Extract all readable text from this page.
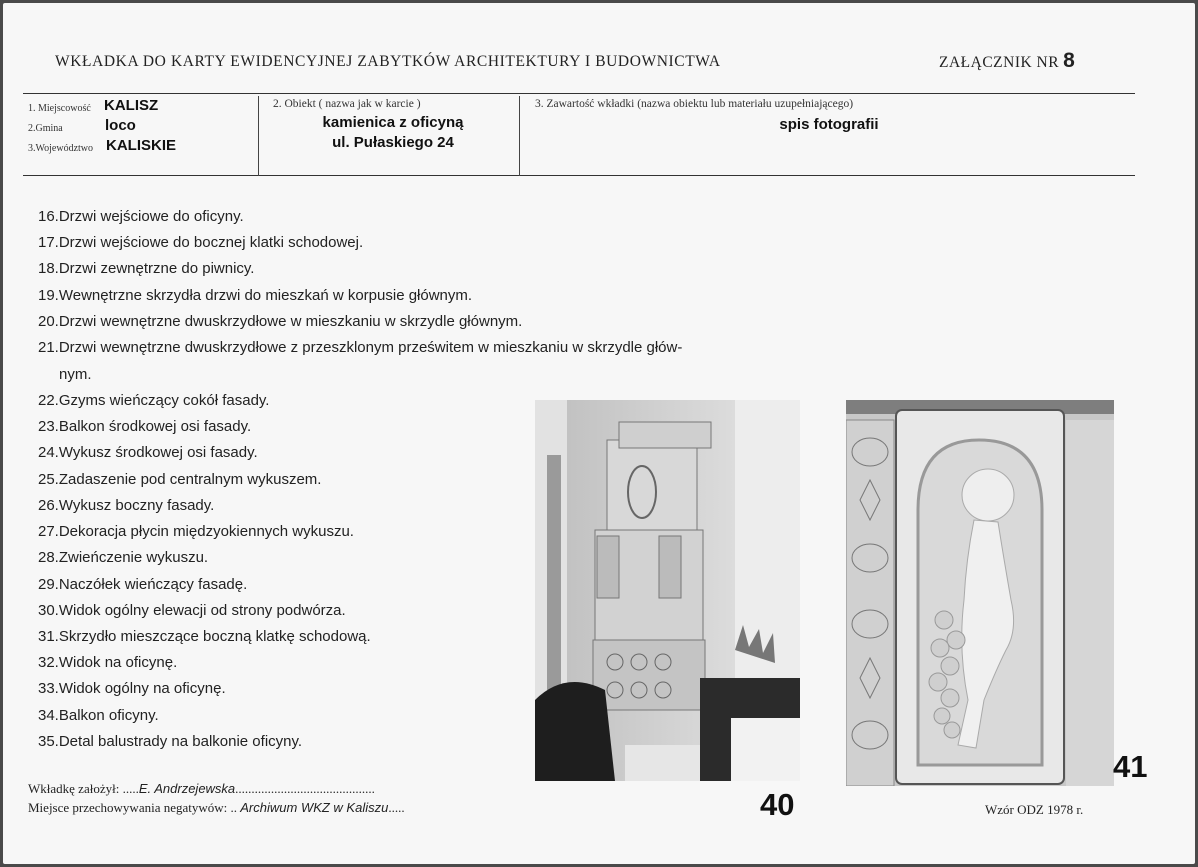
WKŁADKA DO KARTY EWIDENCYJNEJ ZABYTKÓW ARCHITEKTURY I BUDOWNICTWA	ZAŁĄCZNIK NR 8
1. Miejscowość KALISZ
2.Gmina	loco
3.Województwo KALISKIE
2. Obiekt ( nazwa jak w karcie )
kamienica z oficyną
ul. Pułaskiego 24
3. Zawartość wkładki (nazwa obiektu lub materiału uzupełniającego)
spis fotografii
16.Drzwi wejściowe do oficyny.
17.Drzwi wejściowe do bocznej klatki schodowej.
18.Drzwi zewnętrzne do piwnicy.
19.Wewnętrzne skrzydła drzwi do mieszkań w korpusie głównym.
20.Drzwi wewnętrzne dwuskrzydłowe w mieszkaniu w skrzydle głównym.
21.Drzwi wewnętrzne dwuskrzydłowe z przeszklonym prześwitem w mieszkaniu w skrzydle głów-
nym.
22.Gzyms wieńczący cokół fasady.
23.Balkon środkowej osi fasady.
24.Wykusz środkowej osi fasady.
25.Zadaszenie pod centralnym wykuszem.
26.Wykusz boczny fasady.
27.Dekoracja płycin międzyokiennych wykuszu.
28.Zwieńczenie wykuszu.
29.Naczółek wieńczący fasadę.
30.Widok ogólny elewacji od strony podwórza.
31.Skrzydło mieszczące boczną klatkę schodową.
32.Widok na oficynę.
33.Widok ogólny na oficynę.
34.Balkon oficyny.
35.Detal balustrady na balkonie oficyny.
40
41
Wkładkę założył: .....E. Andrzejewska...........................................
Miejsce przechowywania negatywów: .. Archiwum WKZ w Kaliszu.....	Wzór ODZ 1978 r.
